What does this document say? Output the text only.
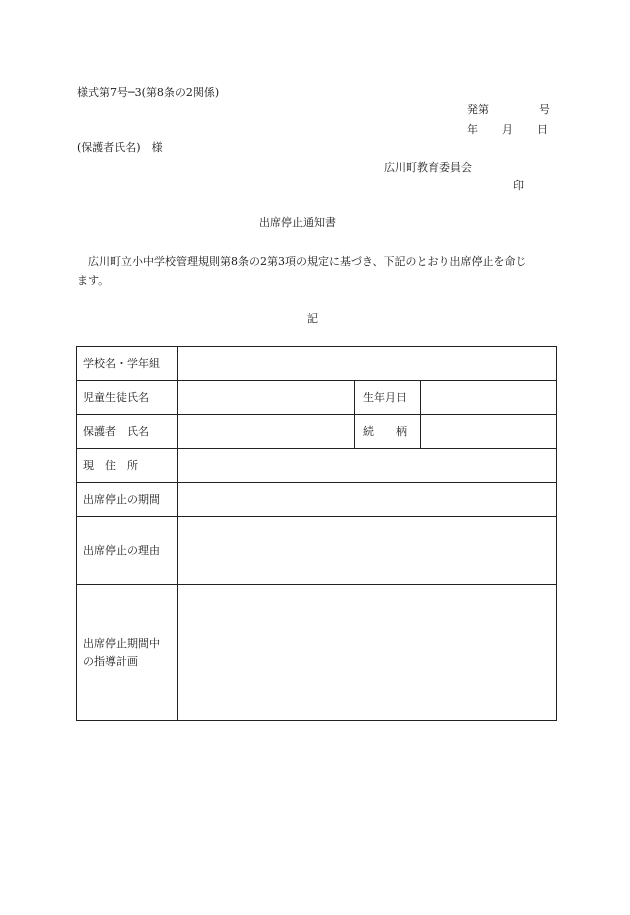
様式第7号─3(第8条の2関係)
発第	号
年 月 日
(保護者氏名)　様
広川町教育委員会
印
出席停止通知書
　広川町立小中学校管理規則第8条の2第3項の規定に基づき、下記のとおり出席停止を命じ
ます。
記
学校名・学年組			
児童生徒氏名		生年月日	
保護者　氏名		続　　柄	
現　住　所			
出席停止の期間			
出席停止の理由			

出席停止期間中
の指導計画			
